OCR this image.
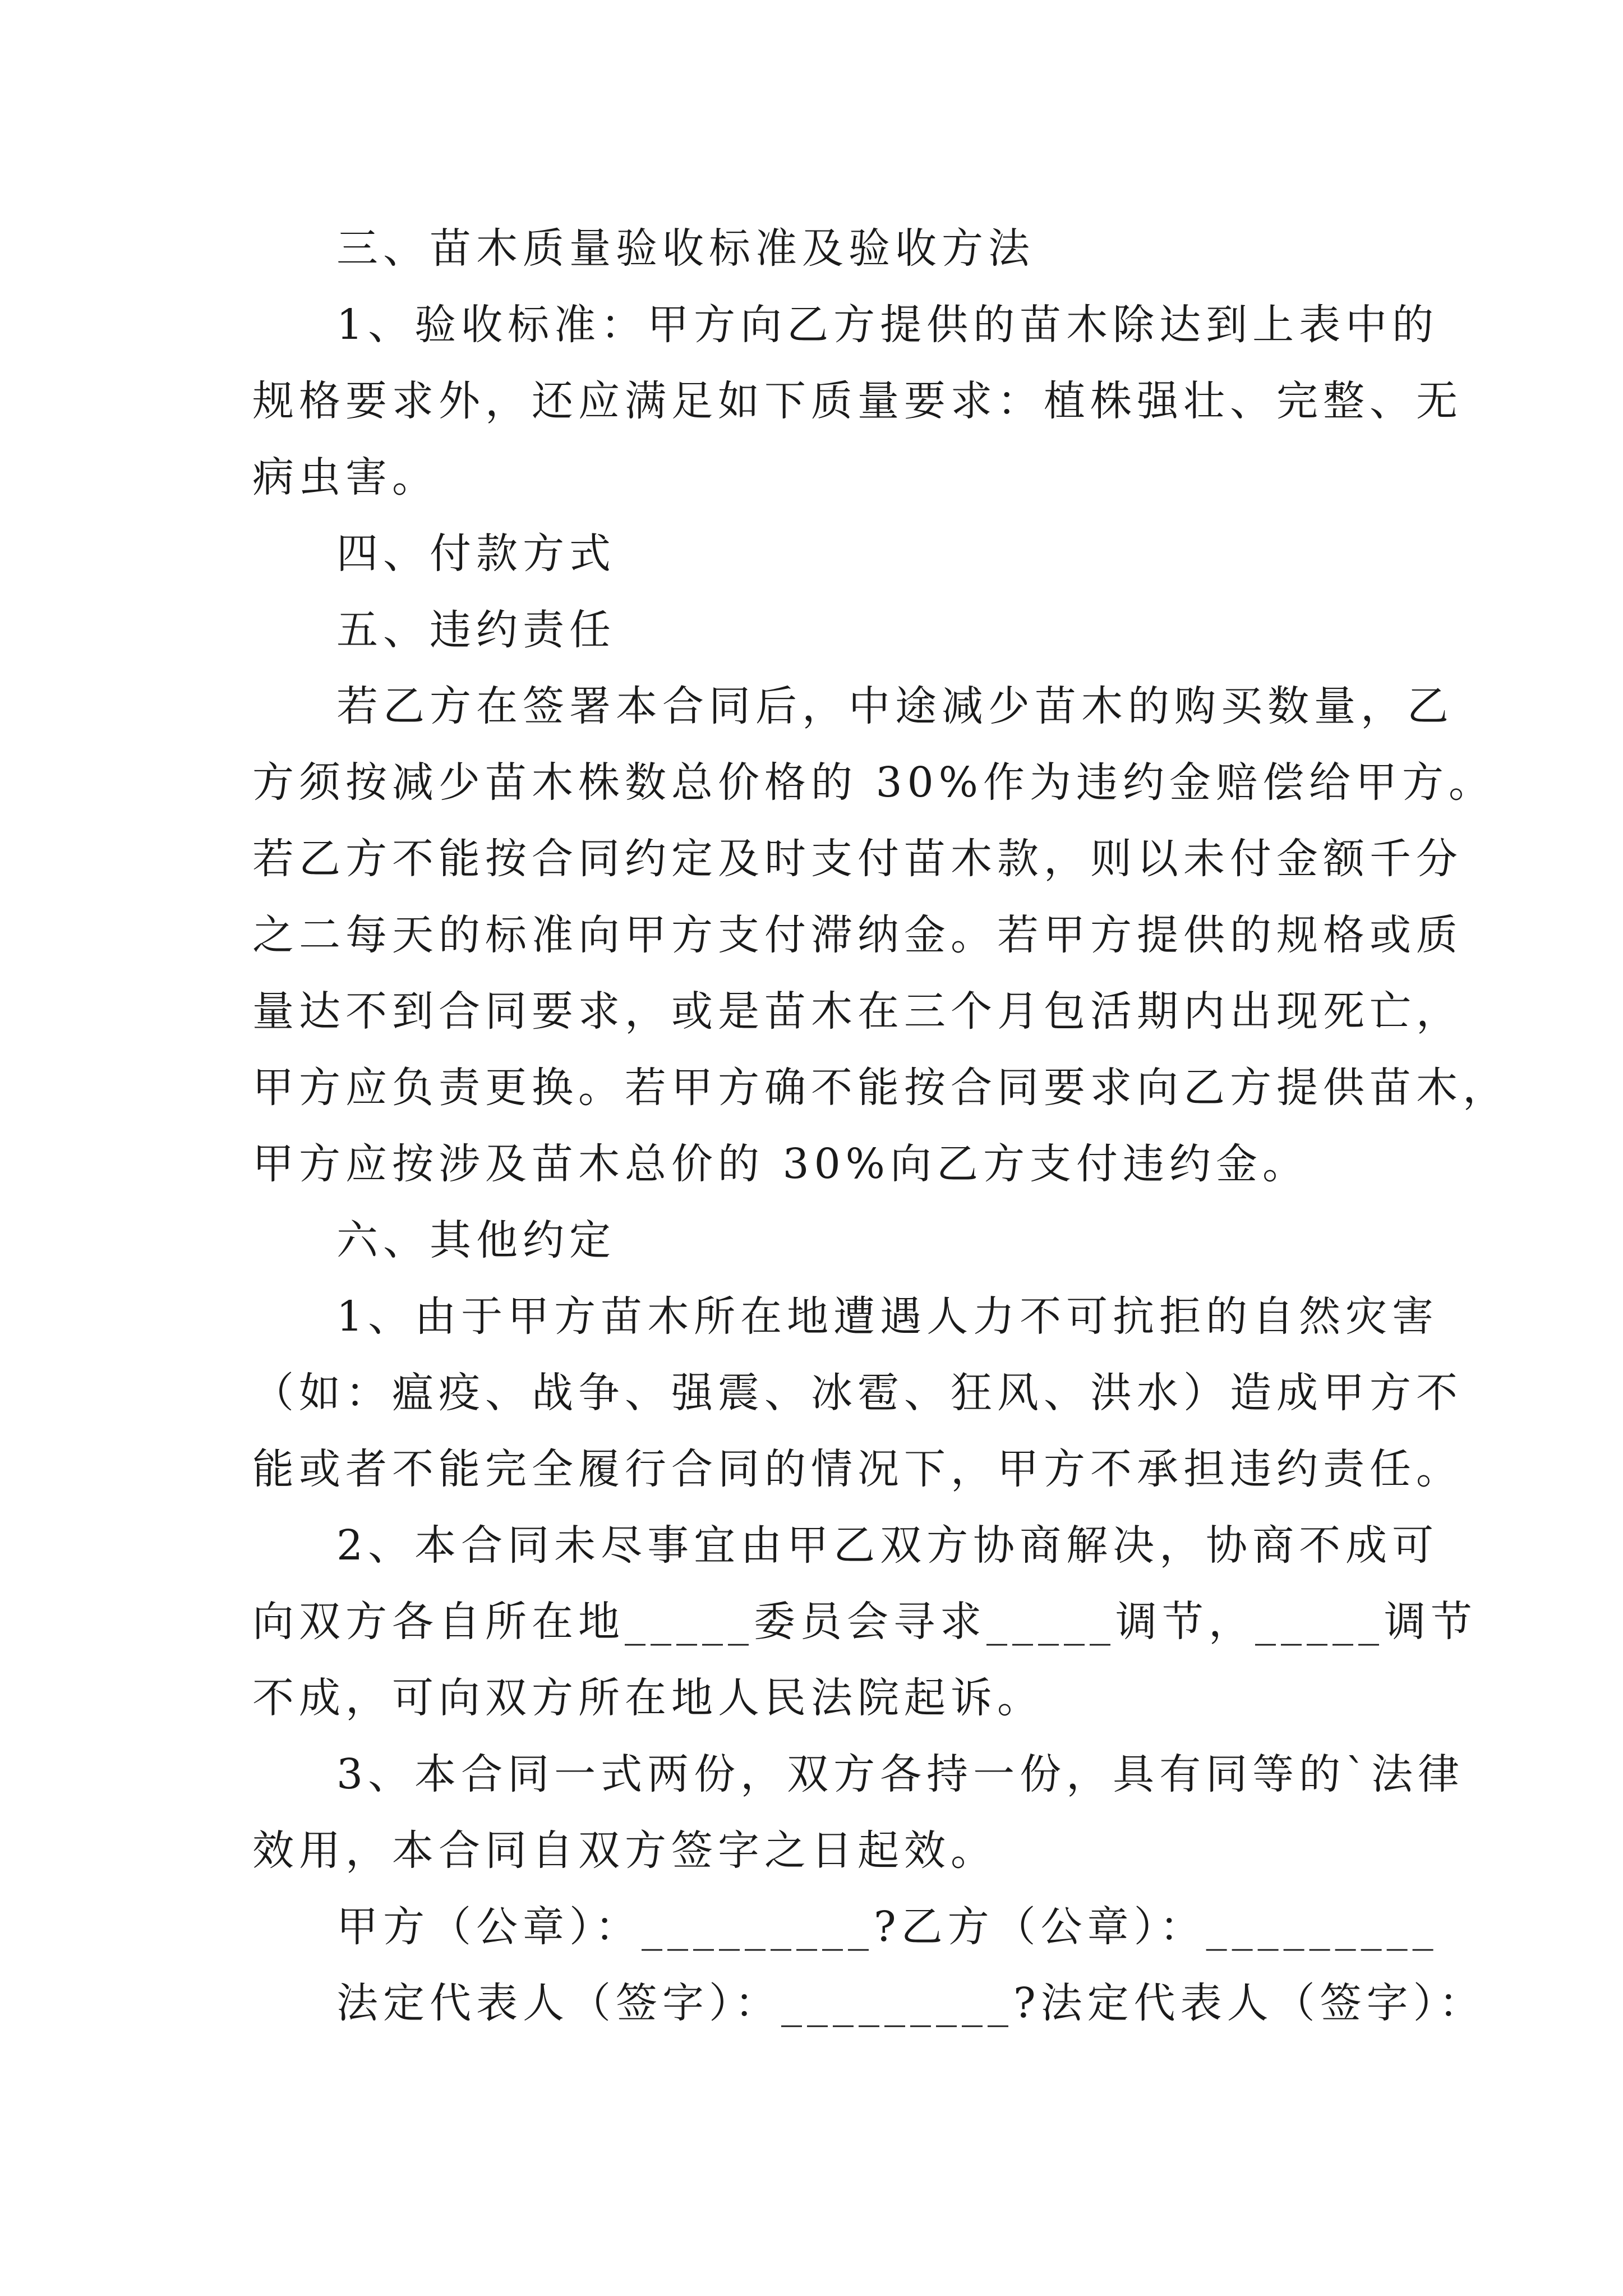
三、苗木质量验收标准及验收方法
1、验收标准：甲方向乙方提供的苗木除达到上表中的
规格要求外，还应满足如下质量要求：植株强壮、完整、无
病虫害。
四、付款方式
五、违约责任
若乙方在签署本合同后，中途减少苗木的购买数量，乙
方须按减少苗木株数总价格的 30%作为违约金赔偿给甲方。
若乙方不能按合同约定及时支付苗木款，则以未付金额千分
之二每天的标准向甲方支付滞纳金。若甲方提供的规格或质
量达不到合同要求，或是苗木在三个月包活期内出现死亡，
甲方应负责更换。若甲方确不能按合同要求向乙方提供苗木，
甲方应按涉及苗木总价的 30%向乙方支付违约金。
六、其他约定
1、由于甲方苗木所在地遭遇人力不可抗拒的自然灾害
（如：瘟疫、战争、强震、冰雹、狂风、洪水）造成甲方不
能或者不能完全履行合同的情况下，甲方不承担违约责任。
2、本合同未尽事宜由甲乙双方协商解决，协商不成可
向双方各自所在地_____委员会寻求_____调节，_____调节
不成，可向双方所在地人民法院起诉。
3、本合同一式两份，双方各持一份，具有同等的`法律
效用，本合同自双方签字之日起效。
甲方（公章）：_________?乙方（公章）：_________
法定代表人（签字）：_________?法定代表人（签字）：
